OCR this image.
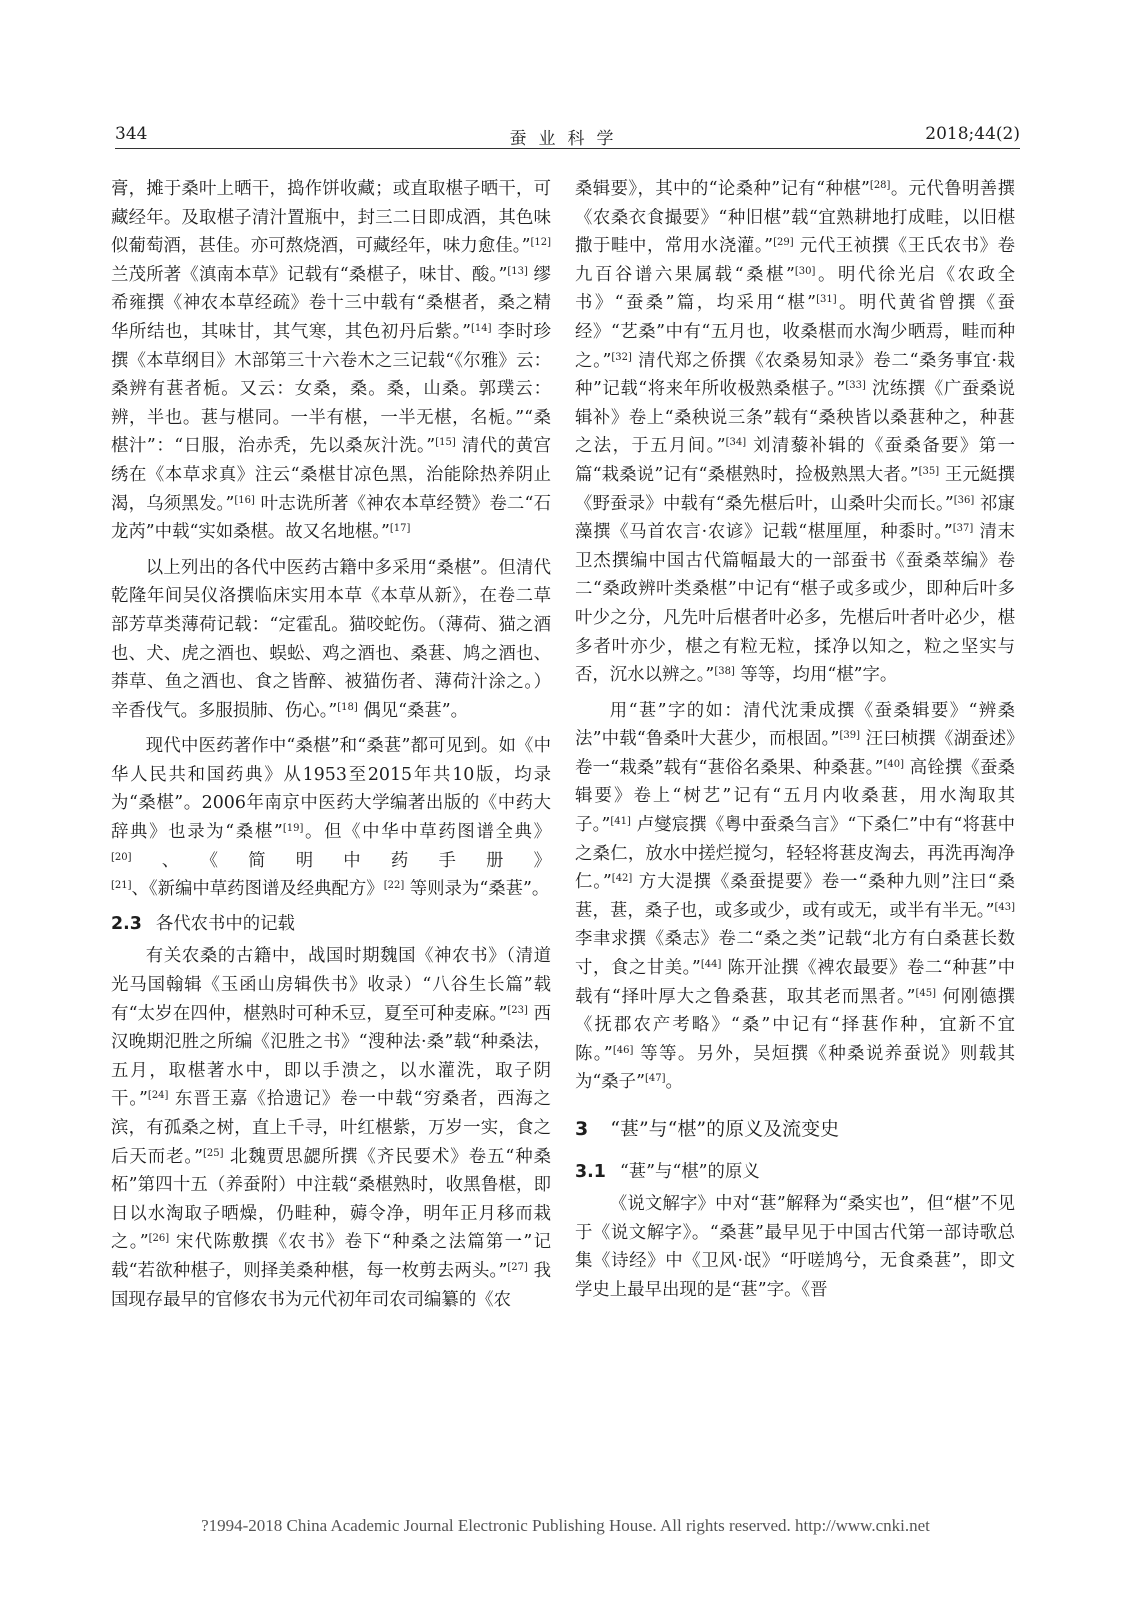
344	蚕业科学	2018;44(2)

膏，摊于桑叶上晒干，捣作饼收藏；或直取椹子晒干，可藏经年。及取椹子清汁置瓶中，封三二日即成酒，其色味似葡萄酒，甚佳。亦可熬烧酒，可藏经年，味力愈佳。”[12] 兰茂所著《滇南本草》记载有“桑椹子，味甘、酸。”[13] 缪希雍撰《神农本草经疏》卷十三中载有“桑椹者，桑之精华所结也，其味甘，其气寒，其色初丹后紫。”[14] 李时珍撰《本草纲目》木部第三十六卷木之三记载“《尔雅》云：桑辨有葚者栀。又云：女桑，桑。桑，山桑。郭璞云：辨，半也。葚与椹同。一半有椹，一半无椹，名栀。”“桑椹汁”：“日服，治赤秃，先以桑灰汁洗。”[15] 清代的黄宫绣在《本草求真》注云“桑椹甘凉色黑，治能除热养阴止渴，乌须黑发。”[16] 叶志诜所著《神农本草经赞》卷二“石龙芮”中载“实如桑椹。故又名地椹。”[17]

以上列出的各代中医药古籍中多采用“桑椹”。但清代乾隆年间吴仪洛撰临床实用本草《本草从新》，在卷二草部芳草类薄荷记载：“定霍乱。猫咬蛇伤。（薄荷、猫之酒也、犬、虎之酒也、蜈蚣、鸡之酒也、桑葚、鸠之酒也、莽草、鱼之酒也、食之皆醉、被猫伤者、薄荷汁涂之。）辛香伐气。多服损肺、伤心。”[18] 偶见“桑葚”。

现代中医药著作中“桑椹”和“桑葚”都可见到。如《中华人民共和国药典》从1953至2015年共10版，均录为“桑椹”。2006年南京中医药大学编著出版的《中药大辞典》也录为“桑椹”[19]。但《中华中草药图谱全典》[20]、《简明中药手册》[21]、《新编中草药图谱及经典配方》[22] 等则录为“桑葚”。

2.3 各代农书中的记载

有关农桑的古籍中，战国时期魏国《神农书》（清道光马国翰辑《玉函山房辑佚书》收录）“八谷生长篇”载有“太岁在四仲，椹熟时可种禾豆，夏至可种麦麻。”[23] 西汉晚期氾胜之所编《氾胜之书》“溲种法·桑”载“种桑法，五月，取椹著水中，即以手溃之，以水灌洗，取子阴干。”[24] 东晋王嘉《拾遗记》卷一中载“穷桑者，西海之滨，有孤桑之树，直上千寻，叶红椹紫，万岁一实，食之后天而老。”[25] 北魏贾思勰所撰《齐民要术》卷五“种桑柘”第四十五（养蚕附）中注载“桑椹熟时，收黑鲁椹，即日以水淘取子晒燥，仍畦种，薅令净，明年正月移而栽之。”[26] 宋代陈敷撰《农书》卷下“种桑之法篇第一”记载“若欲种椹子，则择美桑种椹，每一枚剪去两头。”[27] 我国现存最早的官修农书为元代初年司农司编纂的《农

桑辑要》，其中的“论桑种”记有“种椹”[28]。元代鲁明善撰《农桑衣食撮要》“种旧椹”载“宜熟耕地打成畦，以旧椹撒于畦中，常用水浇灌。”[29] 元代王祯撰《王氏农书》卷九百谷谱六果属载“桑椹”[30]。明代徐光启《农政全书》“蚕桑”篇，均采用“椹”[31]。明代黄省曾撰《蚕经》“艺桑”中有“五月也，收桑椹而水淘少晒焉，畦而种之。”[32] 清代郑之侨撰《农桑易知录》卷二“桑务事宜·栽种”记载“将来年所收极熟桑椹子。”[33] 沈练撰《广蚕桑说辑补》卷上“桑秧说三条”载有“桑秧皆以桑葚种之，种葚之法，于五月间。”[34] 刘清藜补辑的《蚕桑备要》第一篇“栽桑说”记有“桑椹熟时，捡极熟黑大者。”[35] 王元綎撰《野蚕录》中载有“桑先椹后叶，山桑叶尖而长。”[36] 祁㝩藻撰《马首农言·农谚》记载“椹厘厘，种黍时。”[37] 清末卫杰撰编中国古代篇幅最大的一部蚕书《蚕桑萃编》卷二“桑政辨叶类桑椹”中记有“椹子或多或少，即种后叶多叶少之分，凡先叶后椹者叶必多，先椹后叶者叶必少，椹多者叶亦少，椹之有粒无粒，揉净以知之，粒之坚实与否，沉水以辨之。”[38] 等等，均用“椹”字。

用“葚”字的如：清代沈秉成撰《蚕桑辑要》“辨桑法”中载“鲁桑叶大葚少，而根固。”[39] 汪曰桢撰《湖蚕述》卷一“栽桑”载有“葚俗名桑果、种桑葚。”[40] 高铨撰《蚕桑辑要》卷上“树艺”记有“五月内收桑葚，用水淘取其子。”[41] 卢燮宸撰《粤中蚕桑刍言》“下桑仁”中有“将葚中之桑仁，放水中搓烂搅匀，轻轻将葚皮淘去，再洗再淘净仁。”[42] 方大湜撰《桑蚕提要》卷一“桑种九则”注曰“桑葚，葚，桑子也，或多或少，或有或无，或半有半无。”[43] 李聿求撰《桑志》卷二“桑之类”记载“北方有白桑葚长数寸，食之甘美。”[44] 陈开沚撰《裨农最要》卷二“种葚”中载有“择叶厚大之鲁桑葚，取其老而黑者。”[45] 何刚德撰《抚郡农产考略》“桑”中记有“择葚作种，宜新不宜陈。”[46] 等等。另外，吴烜撰《种桑说养蚕说》则载其为“桑子”[47]。

3 “葚”与“椹”的原义及流变史
3.1 “葚”与“椹”的原义

《说文解字》中对“葚”解释为“桑实也”，但“椹”不见于《说文解字》。“桑葚”最早见于中国古代第一部诗歌总集《诗经》中《卫风·氓》“吁嗟鸠兮，无食桑葚”，即文学史上最早出现的是“葚”字。《晋

?1994-2018 China Academic Journal Electronic Publishing House. All rights reserved. http://www.cnki.net
